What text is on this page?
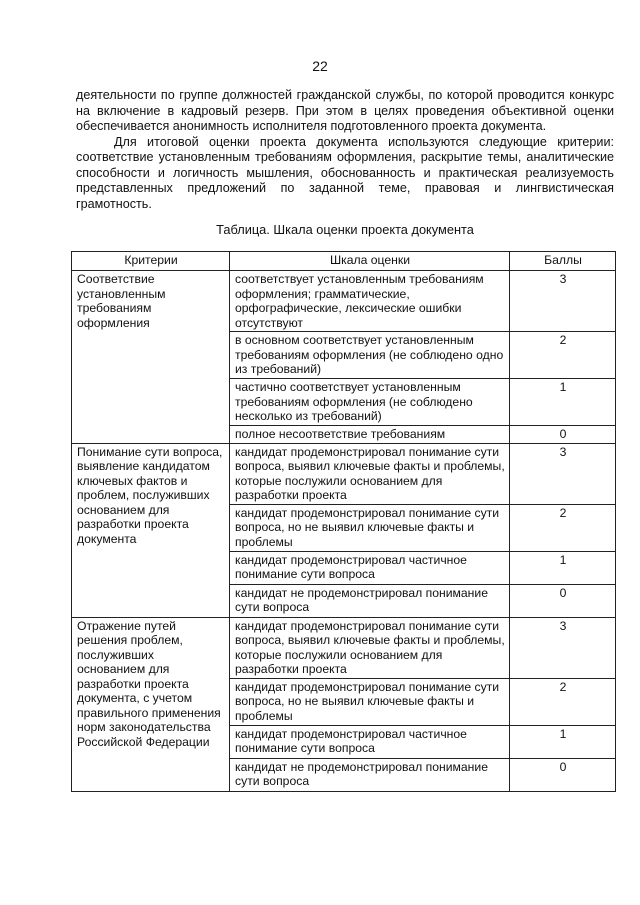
22

деятельности по группе должностей гражданской службы, по которой проводится конкурс на включение в кадровый резерв. При этом в целях проведения объективной оценки обеспечивается анонимность исполнителя подготовленного проекта документа.

Для итоговой оценки проекта документа используются следующие критерии: соответствие установленным требованиям оформления, раскрытие темы, аналитические способности и логичность мышления, обоснованность и практическая реализуемость представленных предложений по заданной теме, правовая и лингвистическая грамотность.

Таблица. Шкала оценки проекта документа
Критерии	Шкала оценки	Баллы
Соответствие установленным требованиям оформления	соответствует установленным требованиям оформления; грамматические, орфографические, лексические ошибки отсутствуют	3
	в основном соответствует установленным требованиям оформления (не соблюдено одно из требований)	2
	частично соответствует установленным требованиям оформления (не соблюдено несколько из требований)	1
	полное несоответствие требованиям	0
Понимание сути вопроса, выявление кандидатом ключевых фактов и проблем, послуживших основанием для разработки проекта документа	кандидат продемонстрировал понимание сути вопроса, выявил ключевые факты и проблемы, которые послужили основанием для разработки проекта	3
	кандидат продемонстрировал понимание сути вопроса, но не выявил ключевые факты и проблемы	2
	кандидат продемонстрировал частичное понимание сути вопроса	1
	кандидат не продемонстрировал понимание сути вопроса	0
Отражение путей решения проблем, послуживших основанием для разработки проекта документа, с учетом правильного применения норм законодательства Российской Федерации	кандидат продемонстрировал понимание сути вопроса, выявил ключевые факты и проблемы, которые послужили основанием для разработки проекта	3
	кандидат продемонстрировал понимание сути вопроса, но не выявил ключевые факты и проблемы	2
	кандидат продемонстрировал частичное понимание сути вопроса	1
	кандидат не продемонстрировал понимание сути вопроса	0
